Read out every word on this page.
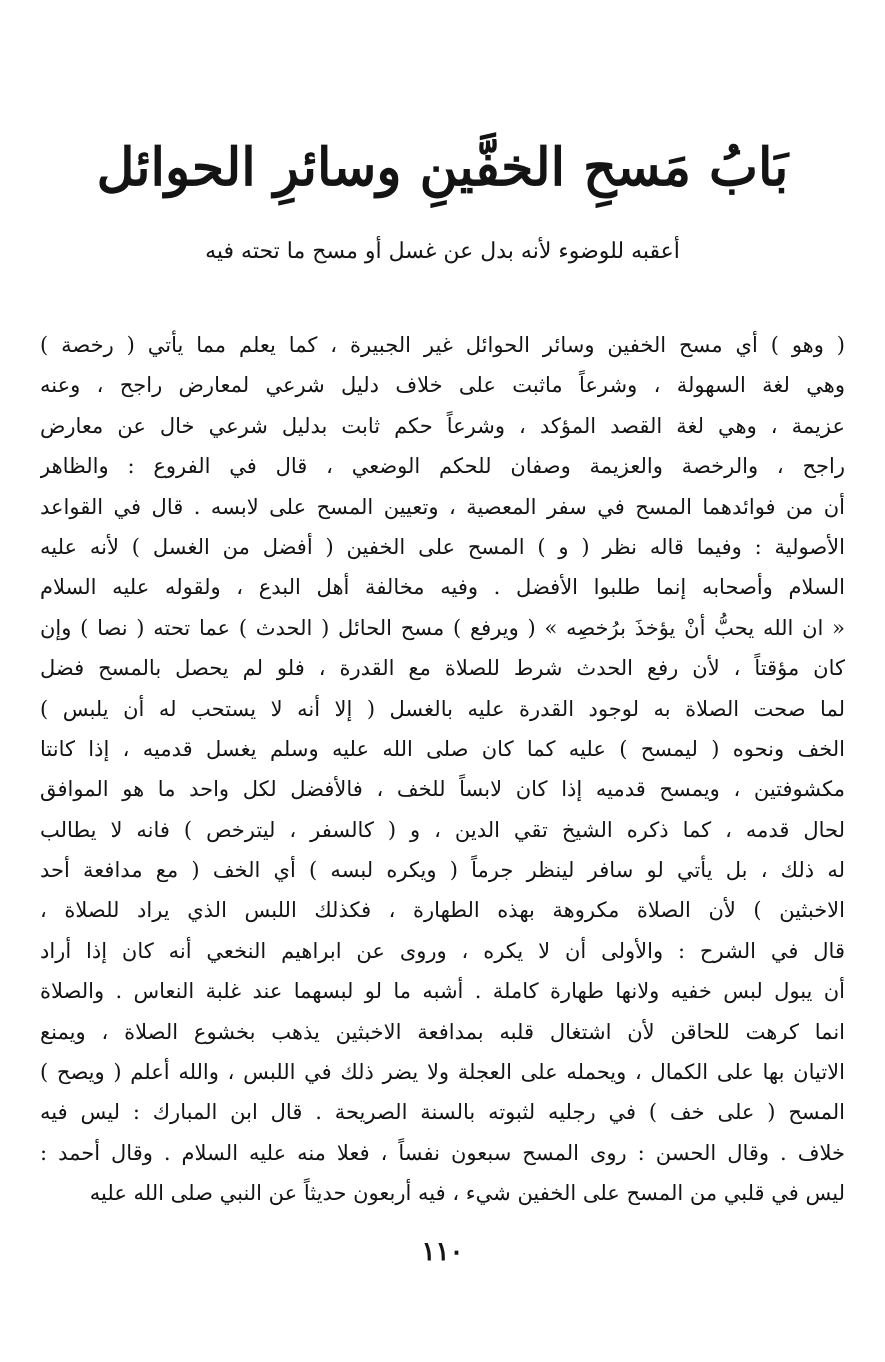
بَابُ مَسحِ الخفَّينِ وسائرِ الحوائل
أعقبه للوضوء لأنه بدل عن غسل أو مسح ما تحته فيه
( وهو ) أي مسح الخفين وسائر الحوائل غير الجبيرة ، كما يعلم مما يأتي ( رخصة )
وهي لغة السهولة ، وشرعاً ماثبت على خلاف دليل شرعي لمعارض راجح ، وعنه
عزيمة ، وهي لغة القصد المؤكد ، وشرعاً حكم ثابت بدليل شرعي خال عن معارض
راجح ، والرخصة والعزيمة وصفان للحكم الوضعي ، قال في الفروع : والظاهر
أن من فوائدهما المسح في سفر المعصية ، وتعيين المسح على لابسه . قال في القواعد
الأصولية : وفيما قاله نظر ( و ) المسح على الخفين ( أفضل من الغسل ) لأنه عليه
السلام وأصحابه إنما طلبوا الأفضل . وفيه مخالفة أهل البدع ، ولقوله عليه السلام
« ان الله يحبُّ أنْ يؤخذَ برُخصِه » ( ويرفع ) مسح الحائل ( الحدث ) عما تحته ( نصا ) وإن
كان مؤقتاً ، لأن رفع الحدث شرط للصلاة مع القدرة ، فلو لم يحصل بالمسح فضل
لما صحت الصلاة به لوجود القدرة عليه بالغسل ( إلا أنه لا يستحب له أن يلبس )
الخف ونحوه ( ليمسح ) عليه كما كان صلى الله عليه وسلم يغسل قدميه ، إذا كانتا
مكشوفتين ، ويمسح قدميه إذا كان لابساً للخف ، فالأفضل لكل واحد ما هو الموافق
لحال قدمه ، كما ذكره الشيخ تقي الدين ، و ( كالسفر ، ليترخص ) فانه لا يطالب
له ذلك ، بل يأتي لو سافر لينظر جرماً ( ويكره لبسه ) أي الخف ( مع مدافعة أحد
الاخبثين ) لأن الصلاة مكروهة بهذه الطهارة ، فكذلك اللبس الذي يراد للصلاة ،
قال في الشرح : والأولى أن لا يكره ، وروى عن ابراهيم النخعي أنه كان إذا أراد
أن يبول لبس خفيه ولانها طهارة كاملة . أشبه ما لو لبسهما عند غلبة النعاس . والصلاة
انما كرهت للحاقن لأن اشتغال قلبه بمدافعة الاخبثين يذهب بخشوع الصلاة ، ويمنع
الاتيان بها على الكمال ، ويحمله على العجلة ولا يضر ذلك في اللبس ، والله أعلم ( ويصح )
المسح ( على خف ) في رجليه لثبوته بالسنة الصريحة . قال ابن المبارك : ليس فيه
خلاف . وقال الحسن : روى المسح سبعون نفساً ، فعلا منه عليه السلام . وقال أحمد :
ليس في قلبي من المسح على الخفين شيء ، فيه أربعون حديثاً عن النبي صلى الله عليه
١١٠
